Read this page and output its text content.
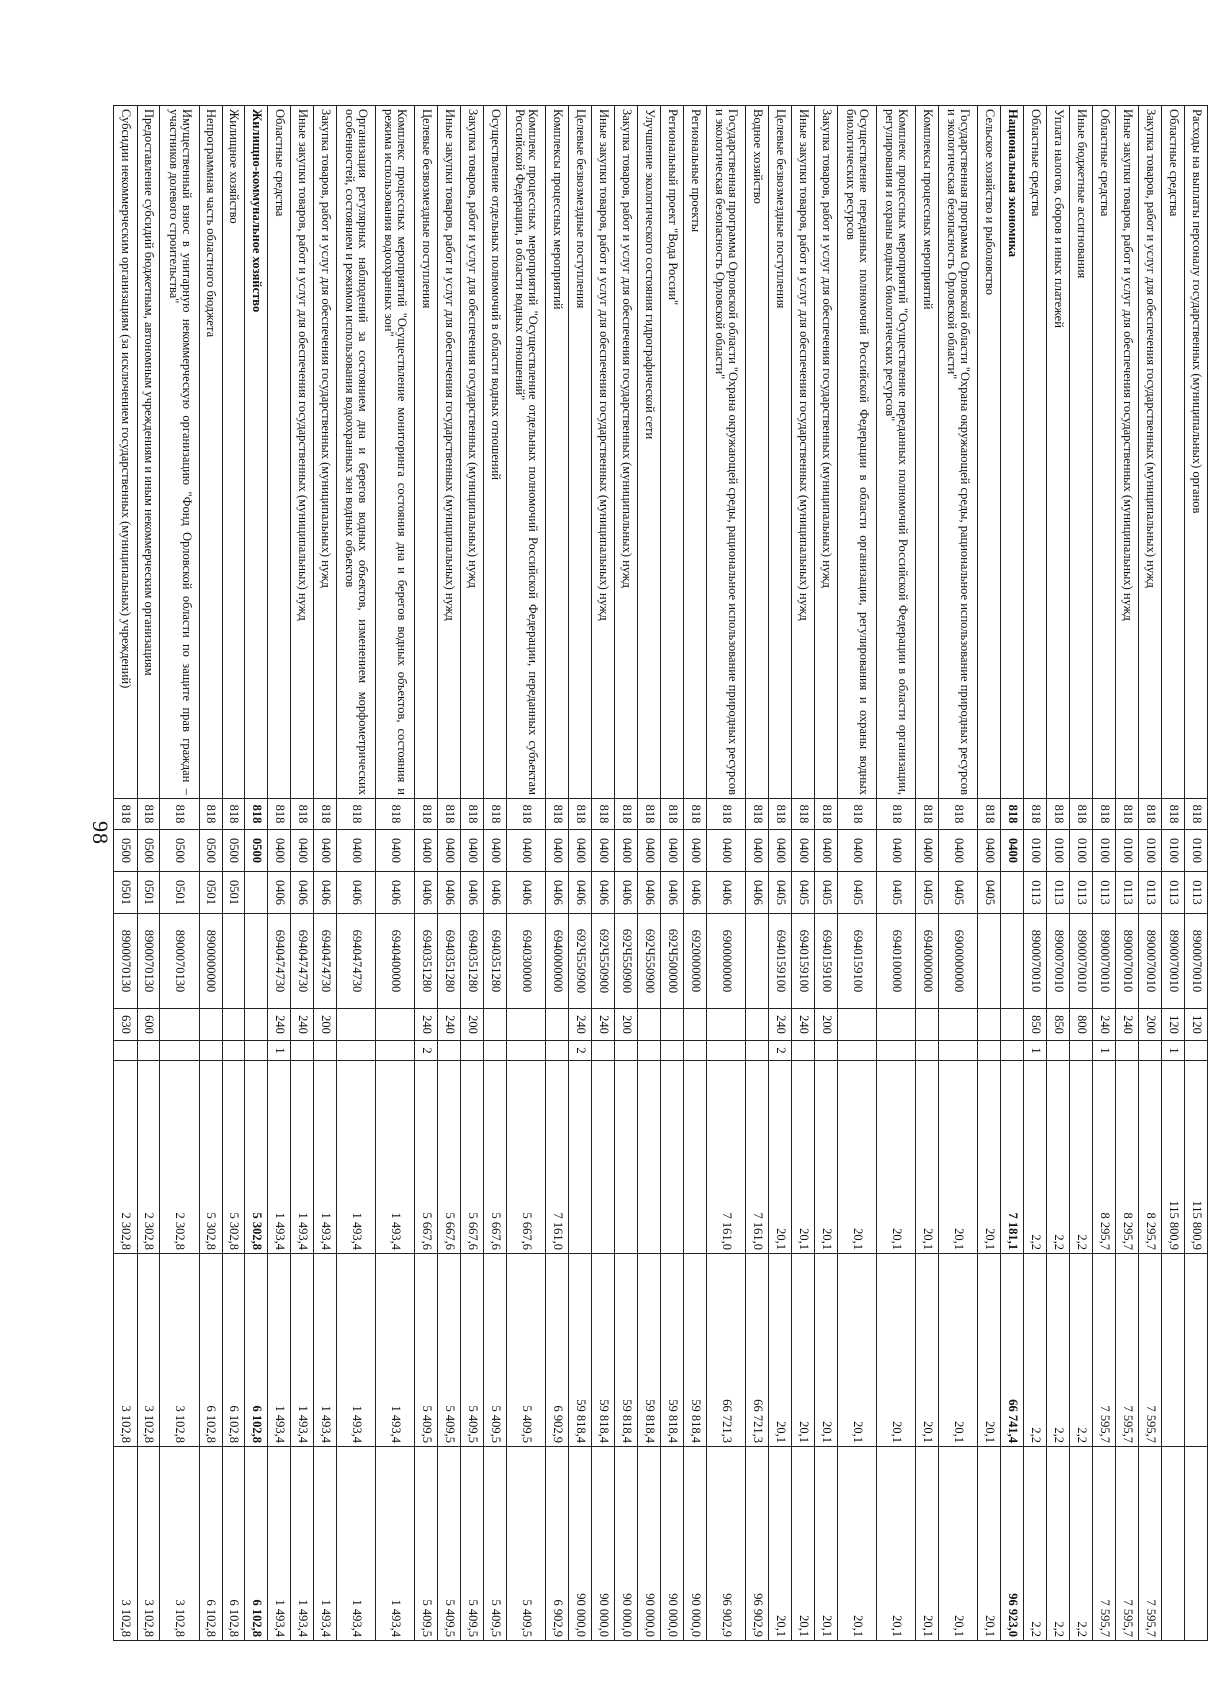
98
Расходы на выплаты персоналу государственных (муниципальных) органов	818	0100	0113	8900070010	120		115 800,9		
Областные средства	818	0100	0113	8900070010	120	1	115 800,9		
Закупка товаров, работ и услуг для обеспечения государственных (муниципальных) нужд	818	0100	0113	8900070010	200		8 295,7	7 595,7	7 595,7
Иные закупки товаров, работ и услуг для обеспечения государственных (муниципальных) нужд	818	0100	0113	8900070010	240		8 295,7	7 595,7	7 595,7
Областные средства	818	0100	0113	8900070010	240	1	8 295,7	7 595,7	7 595,7
Иные бюджетные ассигнования	818	0100	0113	8900070010	800		2,2	2,2	2,2
Уплата налогов, сборов и иных платежей	818	0100	0113	8900070010	850		2,2	2,2	2,2
Областные средства	818	0100	0113	8900070010	850	1	2,2	2,2	2,2
Национальная экономика	818	0400					7 181,1	66 741,4	96 923,0
Сельское хозяйство и рыболовство	818	0400	0405				20,1	20,1	20,1
Государственная программа Орловской области "Охрана окружающей среды, рациональное использование природных ресурсов и экологическая безопасность Орловской области"	818	0400	0405	6900000000			20,1	20,1	20,1
Комплексы процессных мероприятий	818	0400	0405	6940000000			20,1	20,1	20,1
Комплекс процессных мероприятий "Осуществление переданных полномочий Российской Федерации в области организации, регулирования и охраны водных биологических ресурсов"	818	0400	0405	6940100000			20,1	20,1	20,1
Осуществление переданных полномочий Российской Федерации в области организации, регулирования и охраны водных биологических ресурсов	818	0400	0405	6940159100			20,1	20,1	20,1
Закупка товаров, работ и услуг для обеспечения государственных (муниципальных) нужд	818	0400	0405	6940159100	200		20,1	20,1	20,1
Иные закупки товаров, работ и услуг для обеспечения государственных (муниципальных) нужд	818	0400	0405	6940159100	240		20,1	20,1	20,1
Целевые безвозмездные поступления	818	0400	0405	6940159100	240	2	20,1	20,1	20,1
Водное хозяйство	818	0400	0406				7 161,0	66 721,3	96 902,9
Государственная программа Орловской области "Охрана окружающей среды, рациональное использование природных ресурсов и экологическая безопасность Орловской области"	818	0400	0406	6900000000			7 161,0	66 721,3	96 902,9
Региональные проекты	818	0400	0406	6920000000				59 818,4	90 000,0
Региональный проект "Вода России"	818	0400	0406	692Ч500000				59 818,4	90 000,0
Улучшение экологического состояния гидрографической сети	818	0400	0406	692Ч550900				59 818,4	90 000,0
Закупка товаров, работ и услуг для обеспечения государственных (муниципальных) нужд	818	0400	0406	692Ч550900	200			59 818,4	90 000,0
Иные закупки товаров, работ и услуг для обеспечения государственных (муниципальных) нужд	818	0400	0406	692Ч550900	240			59 818,4	90 000,0
Целевые безвозмездные поступления	818	0400	0406	692Ч550900	240	2		59 818,4	90 000,0
Комплексы процессных мероприятий	818	0400	0406	6940000000			7 161,0	6 902,9	6 902,9
Комплекс процессных мероприятий "Осуществление отдельных полномочий Российской Федерации, переданных субъектам Российской Федерации, в области водных отношений"	818	0400	0406	6940300000			5 667,6	5 409,5	5 409,5
Осуществление отдельных полномочий в области водных отношений	818	0400	0406	6940351280			5 667,6	5 409,5	5 409,5
Закупка товаров, работ и услуг для обеспечения государственных (муниципальных) нужд	818	0400	0406	6940351280	200		5 667,6	5 409,5	5 409,5
Иные закупки товаров, работ и услуг для обеспечения государственных (муниципальных) нужд	818	0400	0406	6940351280	240		5 667,6	5 409,5	5 409,5
Целевые безвозмездные поступления	818	0400	0406	6940351280	240	2	5 667,6	5 409,5	5 409,5
Комплекс процессных мероприятий "Осуществление мониторинга состояния дна и берегов водных объектов, состояния и режима использования водоохранных зон"	818	0400	0406	6940400000			1 493,4	1 493,4	1 493,4
Организация регулярных наблюдений за состоянием дна и берегов водных объектов, изменением морфометрических особенностей, состоянием и режимом использования водоохранных зон водных объектов	818	0400	0406	6940474730			1 493,4	1 493,4	1 493,4
Закупка товаров, работ и услуг для обеспечения государственных (муниципальных) нужд	818	0400	0406	6940474730	200		1 493,4	1 493,4	1 493,4
Иные закупки товаров, работ и услуг для обеспечения государственных (муниципальных) нужд	818	0400	0406	6940474730	240		1 493,4	1 493,4	1 493,4
Областные средства	818	0400	0406	6940474730	240	1	1 493,4	1 493,4	1 493,4
Жилищно-коммунальное хозяйство	818	0500					5 302,8	6 102,8	6 102,8
Жилищное хозяйство	818	0500	0501				5 302,8	6 102,8	6 102,8
Непрограммная часть областного бюджета	818	0500	0501	8900000000			5 302,8	6 102,8	6 102,8
Имущественный взнос в унитарную некоммерческую организацию "Фонд Орловской области по защите прав граждан – участников долевого строительства"	818	0500	0501	8900070130			2 302,8	3 102,8	3 102,8
Предоставление субсидий бюджетным, автономным учреждениям и иным некоммерческим организациям	818	0500	0501	8900070130	600		2 302,8	3 102,8	3 102,8
Субсидии некоммерческим организациям (за исключением государственных (муниципальных) учреждений)	818	0500	0501	8900070130	630		2 302,8	3 102,8	3 102,8
